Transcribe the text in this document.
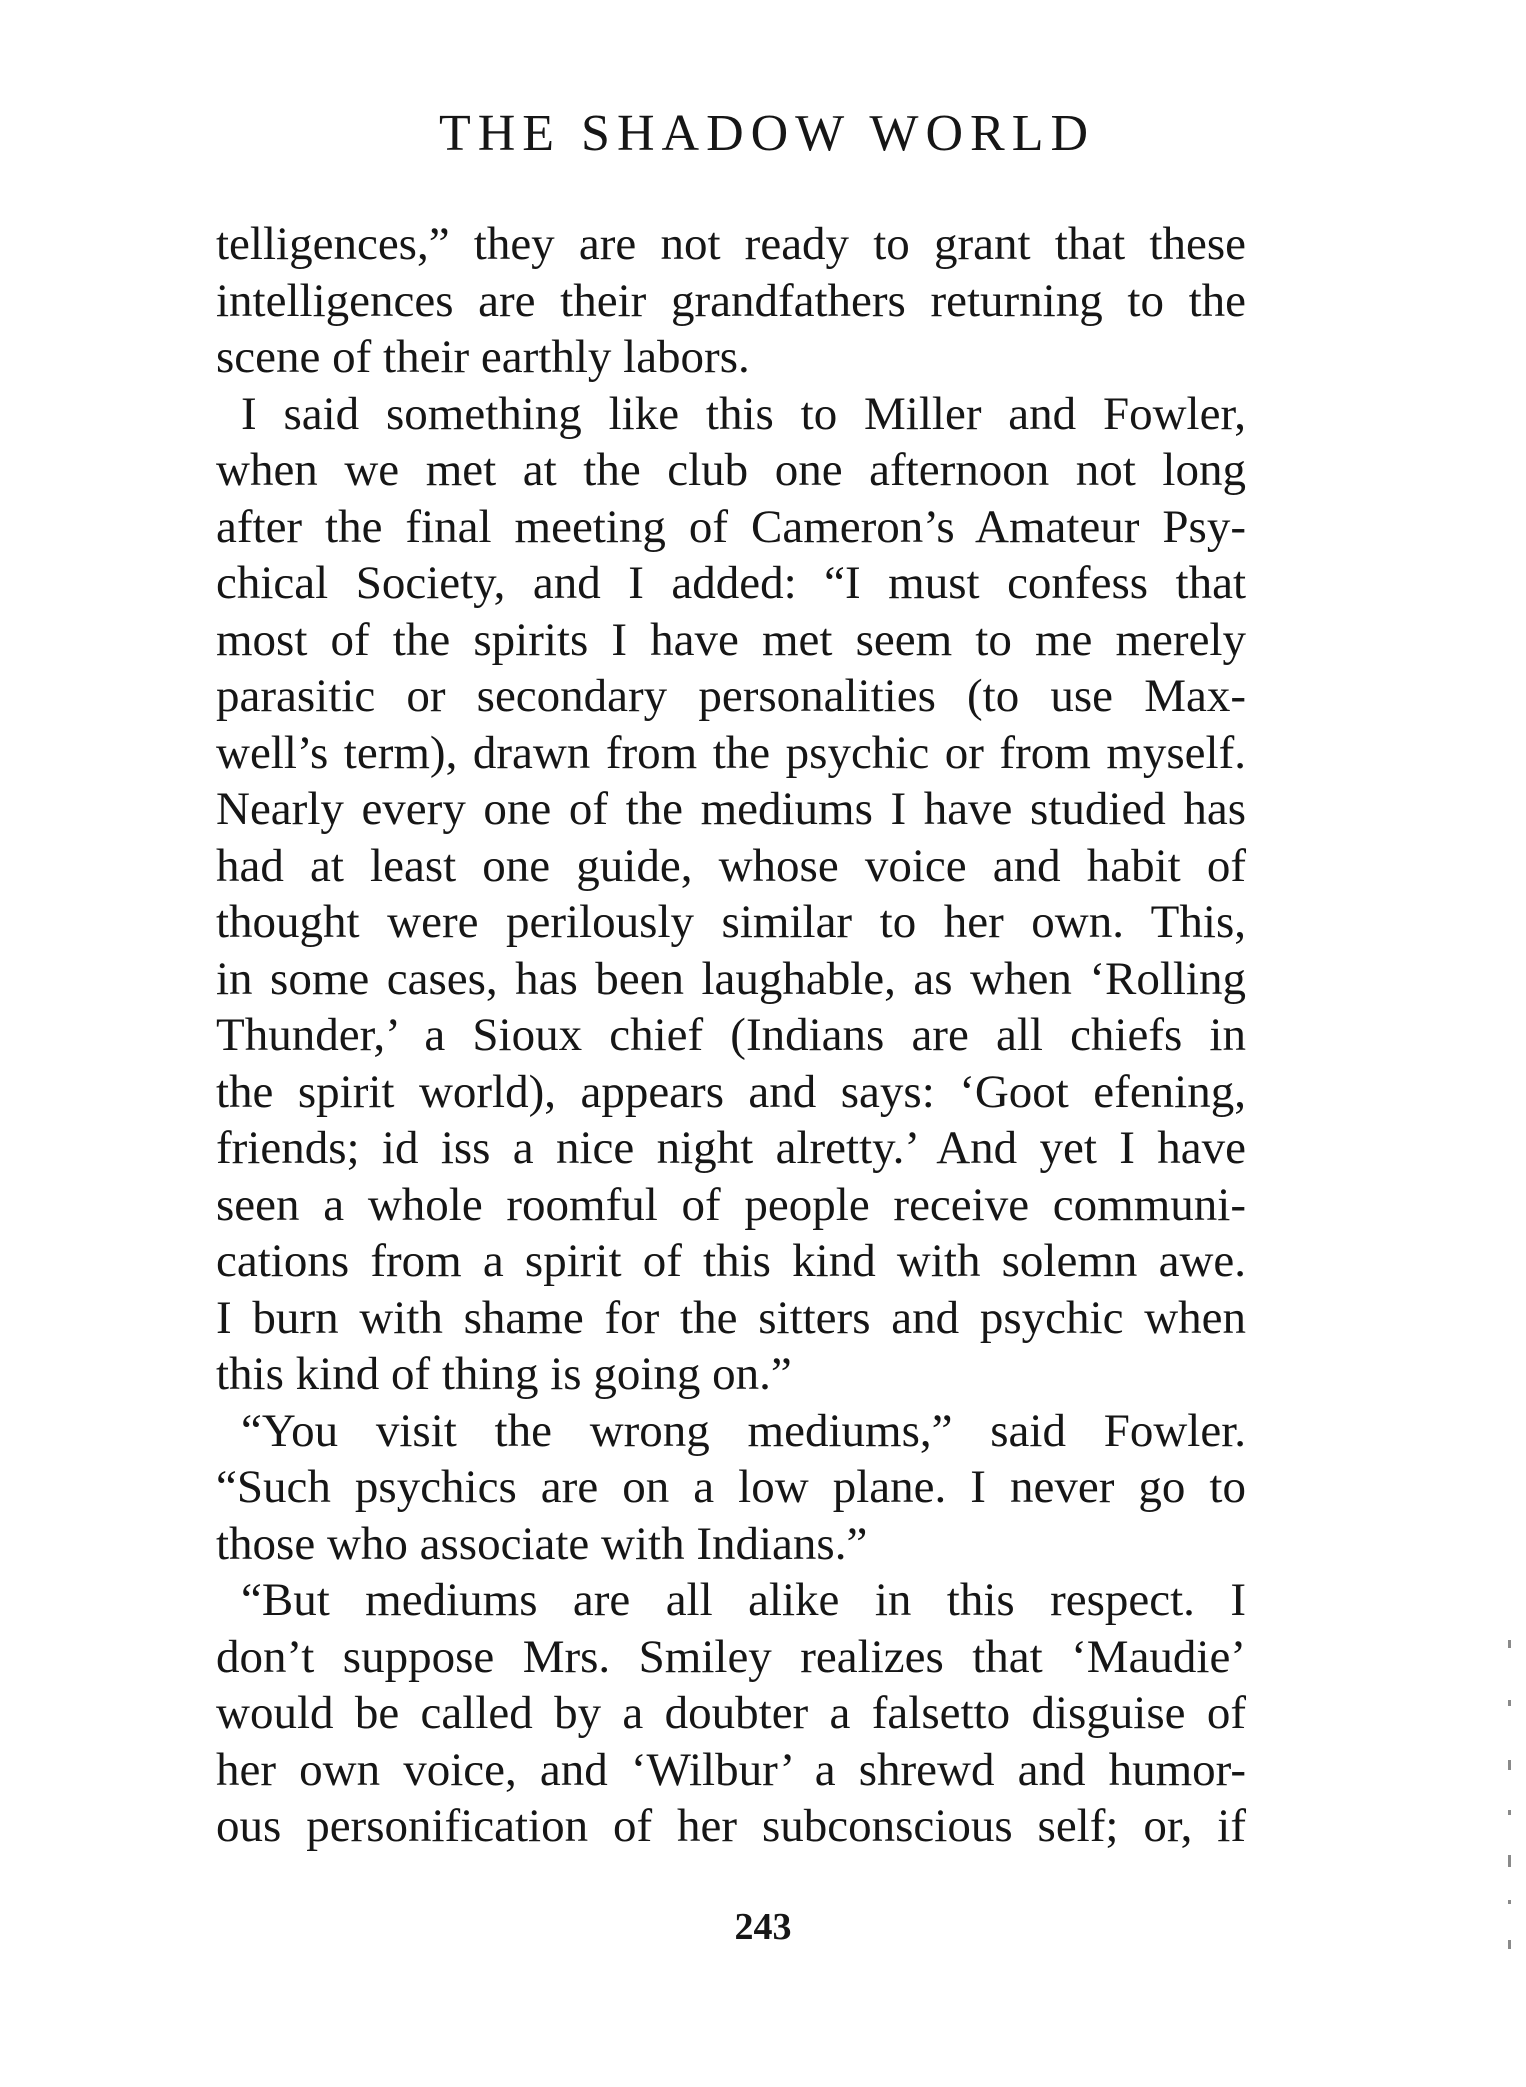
THE SHADOW WORLD
telligences,” they are not ready to grant that these
intelligences are their grandfathers returning to the
scene of their earthly labors.
I said something like this to Miller and Fowler,
when we met at the club one afternoon not long
after the final meeting of Cameron’s Amateur Psy-
chical Society, and I added: “I must confess that
most of the spirits I have met seem to me merely
parasitic or secondary personalities (to use Max-
well’s term), drawn from the psychic or from myself.
Nearly every one of the mediums I have studied has
had at least one guide, whose voice and habit of
thought were perilously similar to her own. This,
in some cases, has been laughable, as when ‘Rolling
Thunder,’ a Sioux chief (Indians are all chiefs in
the spirit world), appears and says: ‘Goot efening,
friends; id iss a nice night alretty.’ And yet I have
seen a whole roomful of people receive communi-
cations from a spirit of this kind with solemn awe.
I burn with shame for the sitters and psychic when
this kind of thing is going on.”
“You visit the wrong mediums,” said Fowler.
“Such psychics are on a low plane. I never go to
those who associate with Indians.”
“But mediums are all alike in this respect. I
don’t suppose Mrs. Smiley realizes that ‘Maudie’
would be called by a doubter a falsetto disguise of
her own voice, and ‘Wilbur’ a shrewd and humor-
ous personification of her subconscious self; or, if
243
